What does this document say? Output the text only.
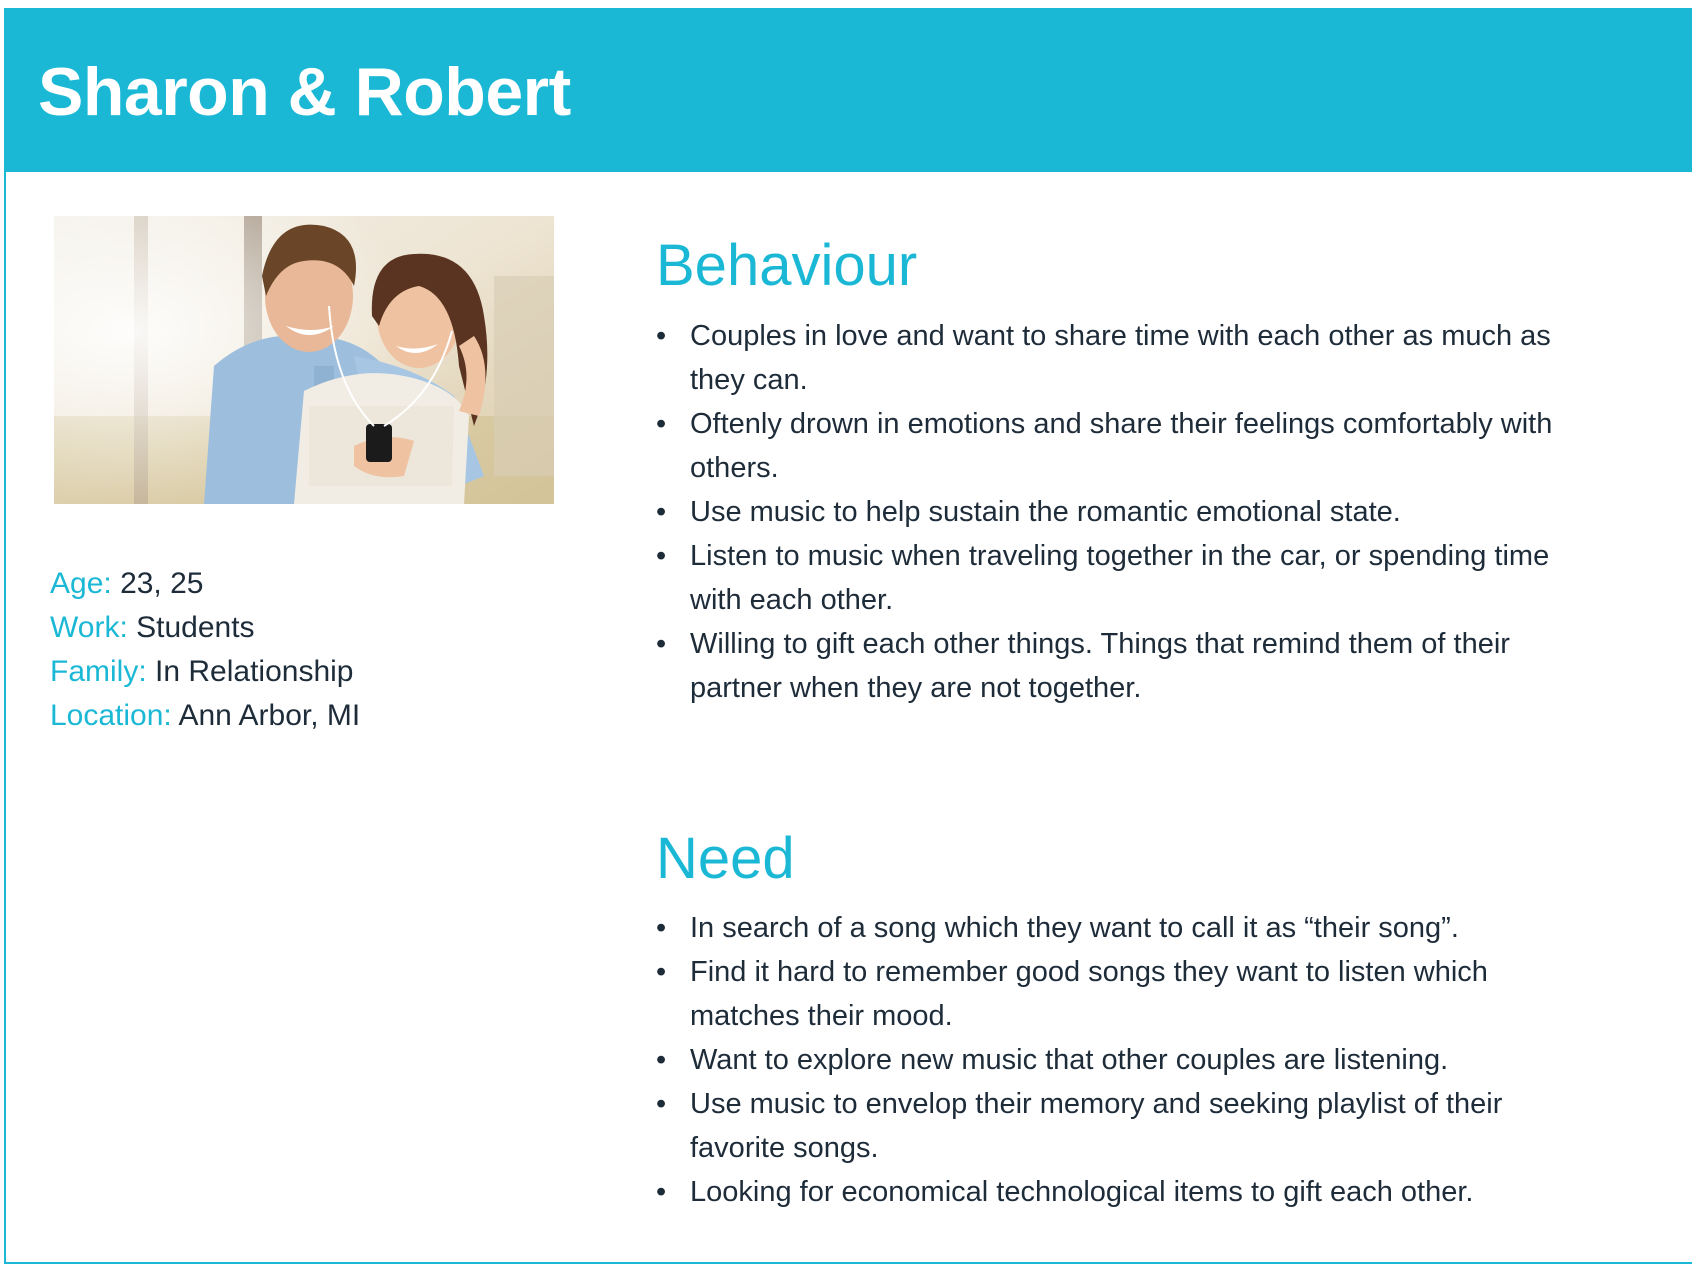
Sharon & Robert
Age: 23, 25
Work: Students
Family: In Relationship
Location: Ann Arbor, MI
Behaviour
• Couples in love and want to share time with each other as much as they can.
• Oftenly drown in emotions and share their feelings comfortably with others.
• Use music to help sustain the romantic emotional state.
• Listen to music when traveling together in the car, or spending time with each other.
• Willing to gift each other things. Things that remind them of their partner when they are not together.
Need
• In search of a song which they want to call it as “their song”.
• Find it hard to remember good songs they want to listen which matches their mood.
• Want to explore new music that other couples are listening.
• Use music to envelop their memory and seeking playlist of their favorite songs.
• Looking for economical technological items to gift each other.
